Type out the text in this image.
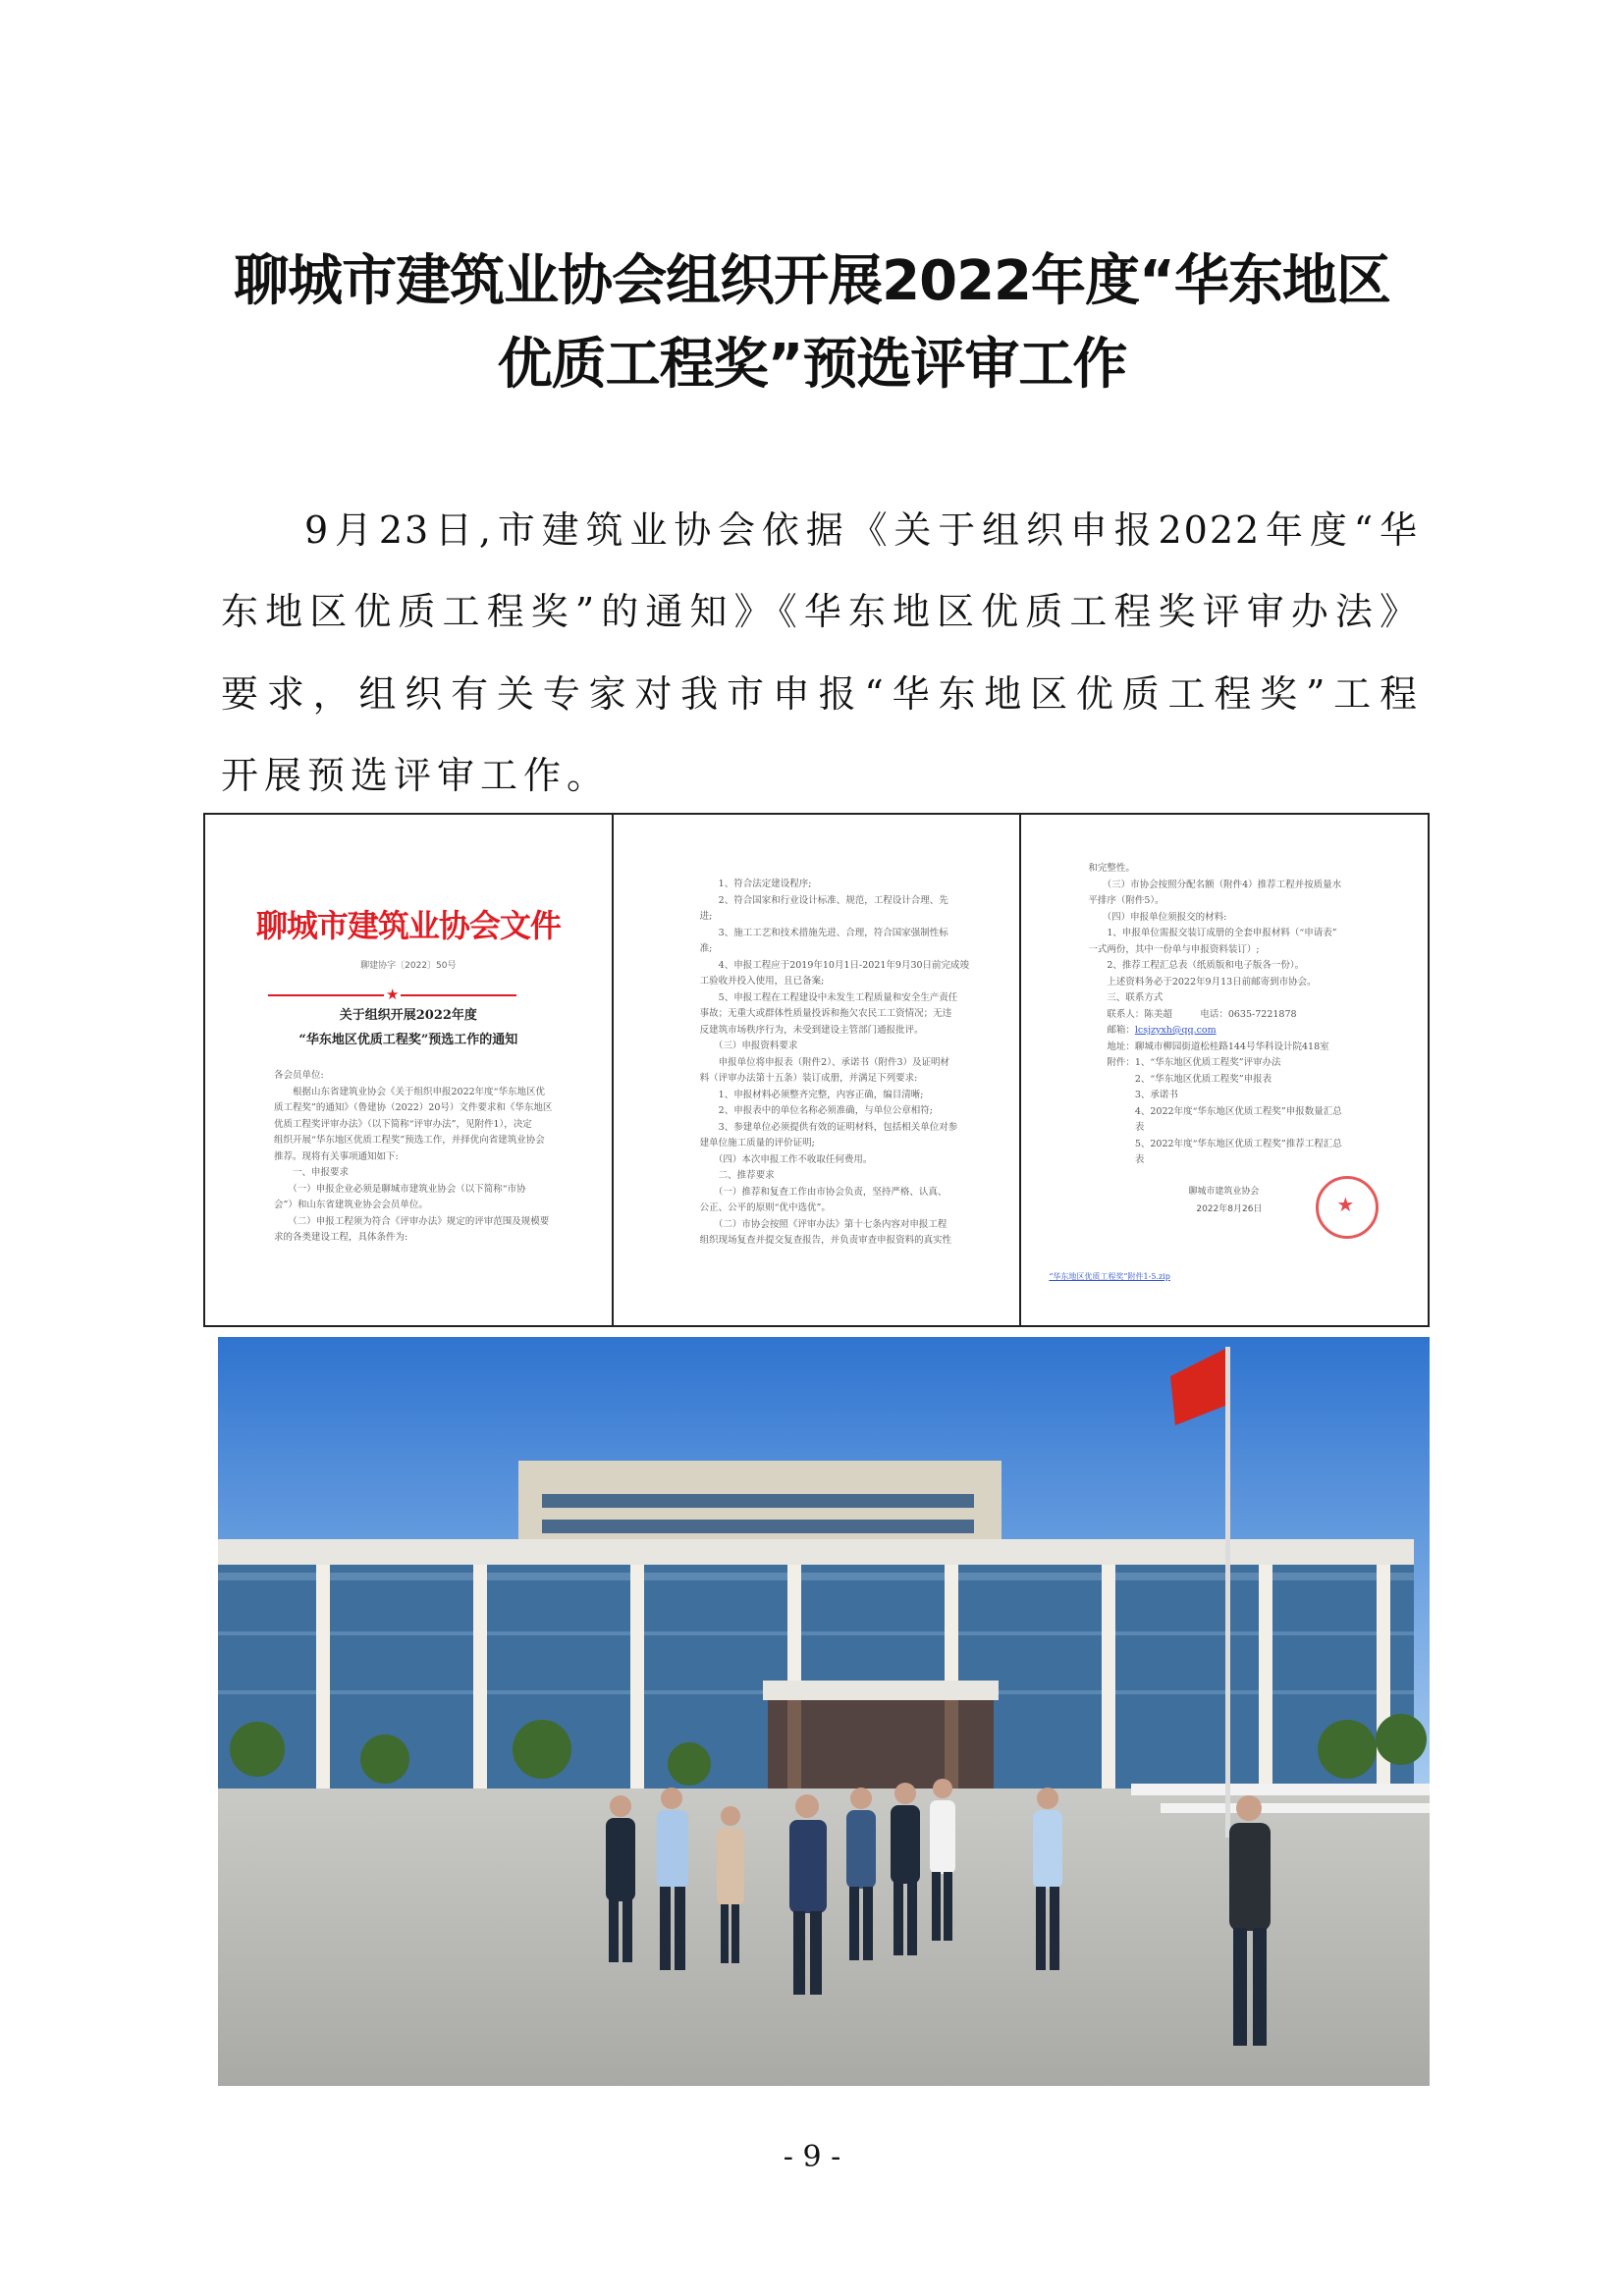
聊城市建筑业协会组织开展2022年度“华东地区
优质工程奖”预选评审工作
9月23日,市建筑业协会依据《关于组织申报2022年度“华
东地区优质工程奖”的通知》《华东地区优质工程奖评审办法》
要求，组织有关专家对我市申报“华东地区优质工程奖”工程
开展预选评审工作。
聊城市建筑业协会文件
聊建协字〔2022〕50号
★
关于组织开展2022年度
“华东地区优质工程奖”预选工作的通知
各会员单位:
　　根据山东省建筑业协会《关于组织申报2022年度“华东地区优
质工程奖”的通知》（鲁建协（2022）20号）文件要求和《华东地区
优质工程奖评审办法》（以下简称“评审办法”，见附件1），决定
组织开展“华东地区优质工程奖”预选工作，并择优向省建筑业协会
推荐。现将有关事项通知如下:
　　一、申报要求
　　（一）申报企业必须是聊城市建筑业协会（以下简称“市协
会”）和山东省建筑业协会会员单位。
　　（二）申报工程须为符合《评审办法》规定的评审范围及规模要
求的各类建设工程，具体条件为:
　　1、符合法定建设程序;
　　2、符合国家和行业设计标准、规范，工程设计合理、先
进;
　　3、施工工艺和技术措施先进、合理，符合国家强制性标
准;
　　4、申报工程应于2019年10月1日-2021年9月30日前完成竣
工验收并投入使用，且已备案;
　　5、申报工程在工程建设中未发生工程质量和安全生产责任
事故；无重大或群体性质量投诉和拖欠农民工工资情况；无违
反建筑市场秩序行为，未受到建设主管部门通报批评。
　　（三）申报资料要求
　　申报单位将申报表（附件2）、承诺书（附件3）及证明材
料（评审办法第十五条）装订成册，并满足下列要求:
　　1、申报材料必须整齐完整，内容正确，编目清晰;
　　2、申报表中的单位名称必须准确，与单位公章相符;
　　3、参建单位必须提供有效的证明材料，包括相关单位对参
建单位施工质量的评价证明;
　　（四）本次申报工作不收取任何费用。
　　二、推荐要求
　　（一）推荐和复查工作由市协会负责，坚持严格、认真、
公正、公平的原则“优中选优”。
　　（二）市协会按照《评审办法》第十七条内容对申报工程
组织现场复查并提交复查报告，并负责审查申报资料的真实性
和完整性。
　　（三）市协会按照分配名额（附件4）推荐工程并按质量水
平排序（附件5）。
　　（四）申报单位须报交的材料:
　　1、申报单位需报交装订成册的全套申报材料（“申请表”
一式两份，其中一份单与申报资料装订）;
　　2、推荐工程汇总表（纸质版和电子版各一份）。
　　上述资料务必于2022年9月13日前邮寄到市协会。
　　三、联系方式
　　联系人：陈美超　　　电话：0635-7221878
　　邮箱：lcsjzyxh@qq.com
　　地址：聊城市柳园街道松桂路144号华科设计院418室
　　附件：1、“华东地区优质工程奖”评审办法
　　　　　2、“华东地区优质工程奖”申报表
　　　　　3、承诺书
　　　　　4、2022年度“华东地区优质工程奖”申报数量汇总
　　　　　表
　　　　　5、2022年度“华东地区优质工程奖”推荐工程汇总
　　　　　表
聊城市建筑业协会
2022年8月26日	★
“华东地区优质工程奖”附件1-5.zip
- 9 -
